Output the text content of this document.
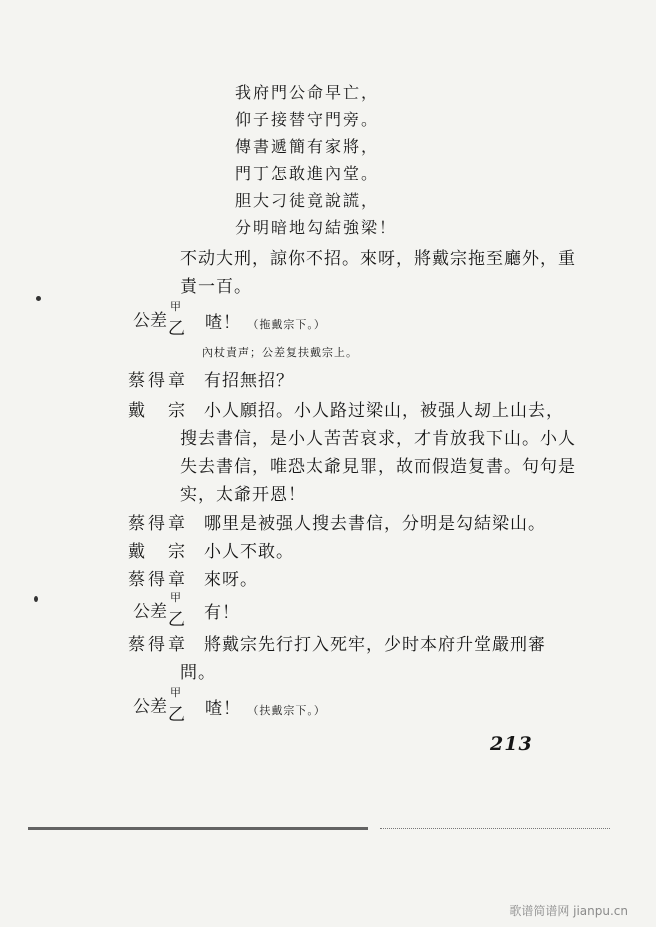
我府門公命早亡，
仰子接替守門旁。
傳書遞簡有家將，
門丁怎敢進內堂。
胆大刁徒竟說謊，
分明暗地勾結強梁！
不动大刑，諒你不招。來呀，將戴宗拖至廳外，重
責一百。
公差
甲
乙 喳！ （拖戴宗下。）
內杖責声；公差复扶戴宗上。
蔡得章 有招無招？
戴　宗 小人願招。小人路过梁山，被强人刼上山去，
搜去書信，是小人苦苦哀求，才肯放我下山。小人
失去書信，唯恐太爺見罪，故而假造复書。句句是
实，太爺开恩！
蔡得章 哪里是被强人搜去書信，分明是勾結梁山。
戴　宗 小人不敢。
蔡得章 來呀。
公差
甲
乙 有！
蔡得章 將戴宗先行打入死牢，少时本府升堂嚴刑審
問。
公差
甲
乙 喳！ （扶戴宗下。）
213
歌谱简谱网 jianpu.cn
